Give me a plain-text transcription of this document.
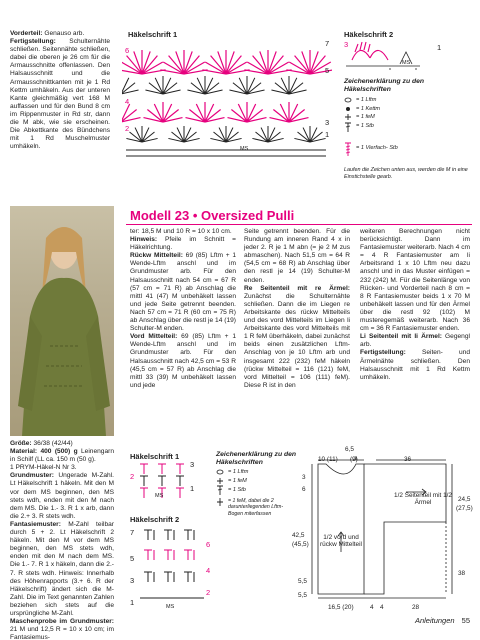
Vorderteil: Genauso arb.

Fertigstellung: Schulternähte schließen. Seitennähte schließen, dabei die oberen je 26 cm für die Armausschnitte offenlassen. Den Halsausschnitt und die Armausschnittkanten mit je 1 Rd Kettm umhäkeln. Aus der unteren Kante gleichmäßig vert 168 M auffassen und für den Bund 8 cm im Rippenmuster in Rd str, dann die M abk, wie sie erscheinen. Die Abkettkante des Bündchens mit 1 Rd Muschelmuster umhäkeln.

Häkelschrift 1
6
4
2
7
5
3
1
MS
Häkelschrift 2
3	1
MS
Zeichenerklärung zu den Häkelschriften
= 1 Lftm
= 1 Kettm
= 1 feM
= 1 Stb
= 1 Vierfach- Stb
Laufen die Zeichen unten aus, werden die M in eine Einstichstelle gearb.
Modell 23 • Oversized Pulli

Größe: 36/38 (42/44)

Material: 400 (500) g Leinengarn in Schilf (LL ca. 150 m (50 g).

1 PRYM-Häkel-N Nr 3.

Grundmuster: Ungerade M-Zahl. Lt Häkelschrift 1 häkeln. Mit den M vor dem MS beginnen, den MS stets wdh, enden mit den M nach dem MS. Die 1.- 3. R 1 x arb, dann die 2.+ 3. R stets wdh.

Fantasiemuster: M-Zahl teilbar durch 5 + 2. Lt Häkelschrift 2 häkeln. Mit den M vor dem MS beginnen, den MS stets wdh, enden mit den M nach dem MS. Die 1.- 7. R 1 x häkeln, dann die 2.- 7. R stets wdh. Hinweis: Innerhalb des Höhenrapports (3.+ 6. R der Häkelschrift) ändert sich die M-Zahl. Die im Text genannten Zahlen beziehen sich stets auf die ursprüngliche M-Zahl.

Maschenprobe im Grundmuster: 21 M und 12,5 R = 10 x 10 cm; im Fantasiemus-

ter: 18,5 M und 10 R = 10 x 10 cm.

Hinweis: Pfeile im Schnitt = Häkelrichtung.

Rückw Mittelteil: 69 (85) Lftm + 1 Wende-Lftm anschl und im Grundmuster arb. Für den Halsausschnitt nach 54 cm = 67 R (57 cm = 71 R) ab Anschlag die mittl 41 (47) M unbehäkelt lassen und jede Seite getrennt beenden. Nach 57 cm = 71 R (60 cm = 75 R) ab Anschlag über die restl je 14 (19) Schulter-M enden.

Vord Mittelteil: 69 (85) Lftm + 1 Wende-Lftm anschl und im Grundmuster arb. Für den Halsausschnitt nach 42,5 cm = 53 R (45,5 cm = 57 R) ab Anschlag die mittl 33 (39) M unbehäkelt lassen und jede

Seite getrennt beenden. Für die Rundung am inneren Rand 4 x in jeder 2. R je 1 M abn (= je 2 M zus abmaschen). Nach 51,5 cm = 64 R (54,5 cm = 68 R) ab Anschlag über den restl je 14 (19) Schulter-M enden.

Re Seitenteil mit re Ärmel: Zunächst die Schulternähte schließen. Dann die im Liegen re Arbeitskante des rückw Mittelteils und des vord Mittelteils im Liegen li Arbeitskante des vord Mittelteils mit 1 R feM überhäkeln, dabei zunächst beids einen zusätzlichen Lftm-Anschlag von je 10 Lftm arb und insgesamt 222 (232) feM häkeln (rückw Mittelteil = 116 (121) feM, vord Mittelteil = 106 (111) feM). Diese R ist in den

weiteren Berechnungen nicht berücksichtigt. Dann im Fantasiemuster weiterarb. Nach 4 cm = 4 R Fantasiemuster am li Arbeitsrand 1 x 10 Lftm neu dazu anschl und in das Muster einfügen = 232 (242) M. Für die Seitenlänge von Rücken- und Vorderteil nach 8 cm = 8 R Fantasiemuster beids 1 x 70 M unbehäkelt lassen und für den Ärmel über die restl 92 (102) M musteregemäß weiterarb. Nach 36 cm = 36 R Fantasiemuster enden.

Li Seitenteil mit li Ärmel: Gegengl arb.

Fertigstellung: Seiten- und Ärmelnähte schließen. Den Halsausschnitt mit 1 Rd Kettm umhäkeln.

Häkelschrift 1
3
2
1
MS
Häkelschrift 2
7
6
5
4
3
2
1	MS
Zeichenerklärung zu den Häkelschriften
= 1 Lftm
= 1 feM
= 1 Stb
= 1 feM, dabei die 2 darunterliegenden Lftm-Bogen miterfassen
6,5
10 (11) (9)	36
3
6
42,5
(45,5)
5,5
5,5
24,5
(27,5)
38
16,5 (20)	4 4	28
1/2 Seitenteil mit 1/2 Ärmel
1/2 vord und rückw Mittelteil
Anleitungen 55
